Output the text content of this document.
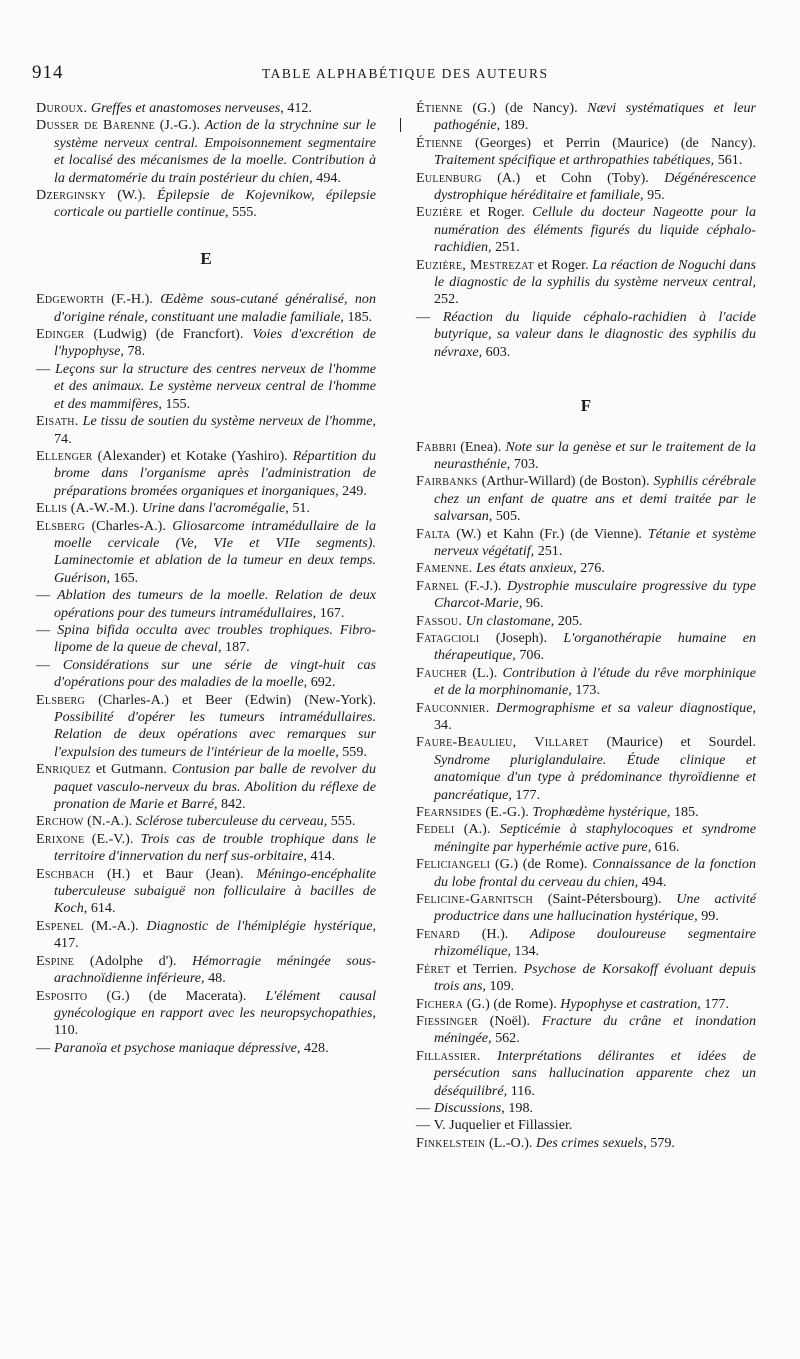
914	TABLE ALPHABÉTIQUE DES AUTEURS
Duroux. Greffes et anastomoses nerveuses, 412.
Dusser de Barenne (J.-G.). Action de la strychnine sur le système nerveux central. Empoisonnement segmentaire et localisé des mécanismes de la moelle. Contribution à la dermatomérie du train postérieur du chien, 494.
Dzerginsky (W.). Épilepsie de Kojevnikow, épilepsie corticale ou partielle continue, 555.
E
Edgeworth (F.-H.). Œdème sous-cutané généralisé, non d'origine rénale, constituant une maladie familiale, 185.
Edinger (Ludwig) (de Francfort). Voies d'excrétion de l'hypophyse, 78.
— Leçons sur la structure des centres nerveux de l'homme et des animaux. Le système nerveux central de l'homme et des mammifères, 155.
Eisath. Le tissu de soutien du système nerveux de l'homme, 74.
Ellenger (Alexander) et Kotake (Yashiro). Répartition du brome dans l'organisme après l'administration de préparations bromées organiques et inorganiques, 249.
Ellis (A.-W.-M.). Urine dans l'acromégalie, 51.
Elsberg (Charles-A.). Gliosarcome intramédullaire de la moelle cervicale (Ve, VIe et VIIe segments). Laminectomie et ablation de la tumeur en deux temps. Guérison, 165.
— Ablation des tumeurs de la moelle. Relation de deux opérations pour des tumeurs intramédullaires, 167.
— Spina bifida occulta avec troubles trophiques. Fibro-lipome de la queue de cheval, 187.
— Considérations sur une série de vingt-huit cas d'opérations pour des maladies de la moelle, 692.
Elsberg (Charles-A.) et Beer (Edwin) (New-York). Possibilité d'opérer les tumeurs intramédullaires. Relation de deux opérations avec remarques sur l'expulsion des tumeurs de l'intérieur de la moelle, 559.
Enriquez et Gutmann. Contusion par balle de revolver du paquet vasculo-nerveux du bras. Abolition du réflexe de pronation de Marie et Barré, 842.
Erchow (N.-A.). Sclérose tuberculeuse du cerveau, 555.
Erixone (E.-V.). Trois cas de trouble trophique dans le territoire d'innervation du nerf sus-orbitaire, 414.
Eschbach (H.) et Baur (Jean). Méningo-encéphalite tuberculeuse subaiguë non folliculaire à bacilles de Koch, 614.
Espenel (M.-A.). Diagnostic de l'hémiplégie hystérique, 417.
Espine (Adolphe d'). Hémorragie méningée sous-arachnoïdienne inférieure, 48.
Esposito (G.) (de Macerata). L'élément causal gynécologique en rapport avec les neuropsychopathies, 110.
— Paranoïa et psychose maniaque dépressive, 428.
Étienne (G.) (de Nancy). Nævi systématiques et leur pathogénie, 189.
Étienne (Georges) et Perrin (Maurice) (de Nancy). Traitement spécifique et arthropathies tabétiques, 561.
Eulenburg (A.) et Cohn (Toby). Dégénérescence dystrophique héréditaire et familiale, 95.
Euzière et Roger. Cellule du docteur Nageotte pour la numération des éléments figurés du liquide céphalo-rachidien, 251.
Euzière, Mestrezat et Roger. La réaction de Noguchi dans le diagnostic de la syphilis du système nerveux central, 252.
— Réaction du liquide céphalo-rachidien à l'acide butyrique, sa valeur dans le diagnostic des syphilis du névraxe, 603.
F
Fabbri (Enea). Note sur la genèse et sur le traitement de la neurasthénie, 703.
Fairbanks (Arthur-Willard) (de Boston). Syphilis cérébrale chez un enfant de quatre ans et demi traitée par le salvarsan, 505.
Falta (W.) et Kahn (Fr.) (de Vienne). Tétanie et système nerveux végétatif, 251.
Famenne. Les états anxieux, 276.
Farnel (F.-J.). Dystrophie musculaire progressive du type Charcot-Marie, 96.
Fassou. Un clastomane, 205.
Fatagcioli (Joseph). L'organothérapie humaine en thérapeutique, 706.
Faucher (L.). Contribution à l'étude du rêve morphinique et de la morphinomanie, 173.
Fauconnier. Dermographisme et sa valeur diagnostique, 34.
Faure-Beaulieu, Villaret (Maurice) et Sourdel. Syndrome pluriglandulaire. Étude clinique et anatomique d'un type à prédominance thyroïdienne et pancréatique, 177.
Fearnsides (E.-G.). Trophœdème hystérique, 185.
Fedeli (A.). Septicémie à staphylocoques et syndrome méningite par hyperhémie active pure, 616.
Feliciangeli (G.) (de Rome). Connaissance de la fonction du lobe frontal du cerveau du chien, 494.
Felicine-Garnitsch (Saint-Pétersbourg). Une activité productrice dans une hallucination hystérique, 99.
Fenard (H.). Adipose douloureuse segmentaire rhizomélique, 134.
Féret et Terrien. Psychose de Korsakoff évoluant depuis trois ans, 109.
Fichera (G.) (de Rome). Hypophyse et castration, 177.
Fiessinger (Noël). Fracture du crâne et inondation méningée, 562.
Fillassier. Interprétations délirantes et idées de persécution sans hallucination apparente chez un déséquilibré, 116.
— Discussions, 198.
— V. Juquelier et Fillassier.
Finkelstein (L.-O.). Des crimes sexuels, 579.
